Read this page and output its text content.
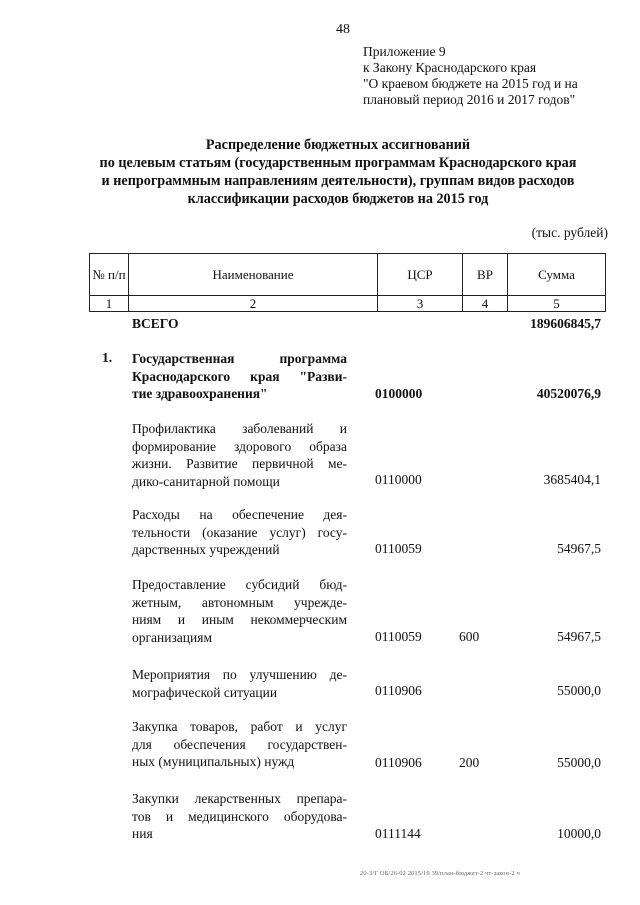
48
Приложение 9
к Закону Краснодарского края
"О краевом бюджете на 2015 год и на
плановый период 2016 и 2017 годов"
Распределение бюджетных ассигнований
по целевым статьям (государственным программам Краснодарского края
и непрограммным направлениям деятельности), группам видов расходов
классификации расходов бюджетов на 2015 год
(тыс. рублей)
№ п/п	Наименование	ЦСР	ВР	Сумма
1	2	3	4	5
ВСЕГО	189606845,7
1. Государственная программа
Краснодарского края "Разви-
тие здравоохранения"	0100000	40520076,9
Профилактика заболеваний и
формирование здорового образа
жизни. Развитие первичной ме-
дико-санитарной помощи	0110000	3685404,1
Расходы на обеспечение дея-
тельности (оказание услуг) госу-
дарственных учреждений	0110059	54967,5
Предоставление субсидий бюд-
жетным, автономным учрежде-
ниям и иным некоммерческим
организациям	0110059	600	54967,5
Мероприятия по улучшению де-
мографической ситуации	0110906	55000,0
Закупка товаров, работ и услуг
для обеспечения государствен-
ных (муниципальных) нужд	0110906	200	55000,0
Закупки лекарственных препара-
тов и медицинского оборудова-
ния	0111144	10000,0
20-3/Г ОБ/26-02 2015/19 39/план-бюджет-2 чт-закон-2 ч
